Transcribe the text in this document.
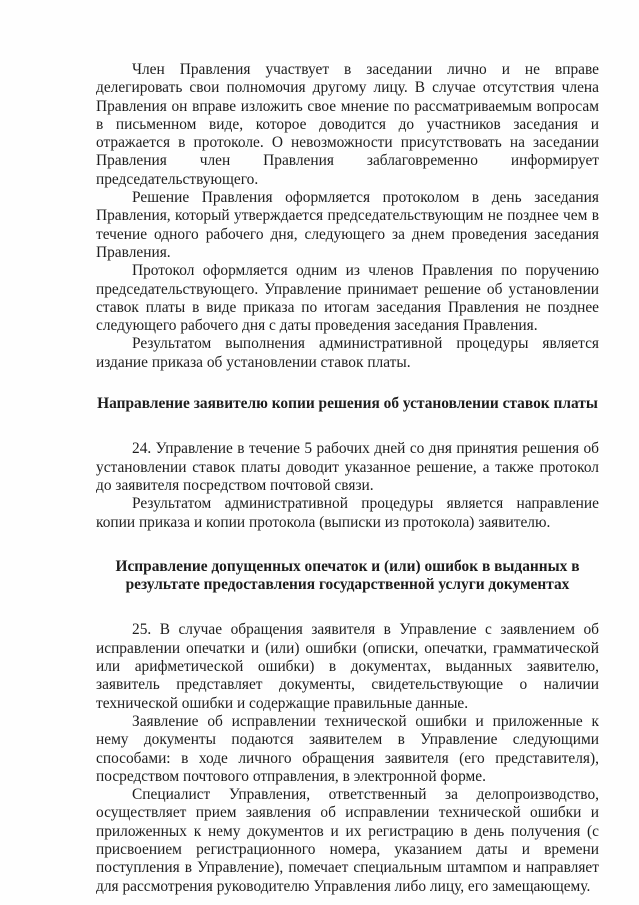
Член Правления участвует в заседании лично и не вправе делегировать свои полномочия другому лицу. В случае отсутствия члена Правления он вправе изложить свое мнение по рассматриваемым вопросам в письменном виде, которое доводится до участников заседания и отражается в протоколе. О невозможности присутствовать на заседании Правления член Правления заблаговременно информирует председательствующего.

Решение Правления оформляется протоколом в день заседания Правления, который утверждается председательствующим не позднее чем в течение одного рабочего дня, следующего за днем проведения заседания Правления.

Протокол оформляется одним из членов Правления по поручению председательствующего. Управление принимает решение об установлении ставок платы в виде приказа по итогам заседания Правления не позднее следующего рабочего дня с даты проведения заседания Правления.

Результатом выполнения административной процедуры является издание приказа об установлении ставок платы.

Направление заявителю копии решения об установлении ставок платы

24. Управление в течение 5 рабочих дней со дня принятия решения об установлении ставок платы доводит указанное решение, а также протокол до заявителя посредством почтовой связи.

Результатом административной процедуры является направление копии приказа и копии протокола (выписки из протокола) заявителю.

Исправление допущенных опечаток и (или) ошибок в выданных в результате предоставления государственной услуги документах

25. В случае обращения заявителя в Управление с заявлением об исправлении опечатки и (или) ошибки (описки, опечатки, грамматической или арифметической ошибки) в документах, выданных заявителю, заявитель представляет документы, свидетельствующие о наличии технической ошибки и содержащие правильные данные.

Заявление об исправлении технической ошибки и приложенные к нему документы подаются заявителем в Управление следующими способами: в ходе личного обращения заявителя (его представителя), посредством почтового отправления, в электронной форме.

Специалист Управления, ответственный за делопроизводство, осуществляет прием заявления об исправлении технической ошибки и приложенных к нему документов и их регистрацию в день получения (с присвоением регистрационного номера, указанием даты и времени поступления в Управление), помечает специальным штампом и направляет для рассмотрения руководителю Управления либо лицу, его замещающему.
